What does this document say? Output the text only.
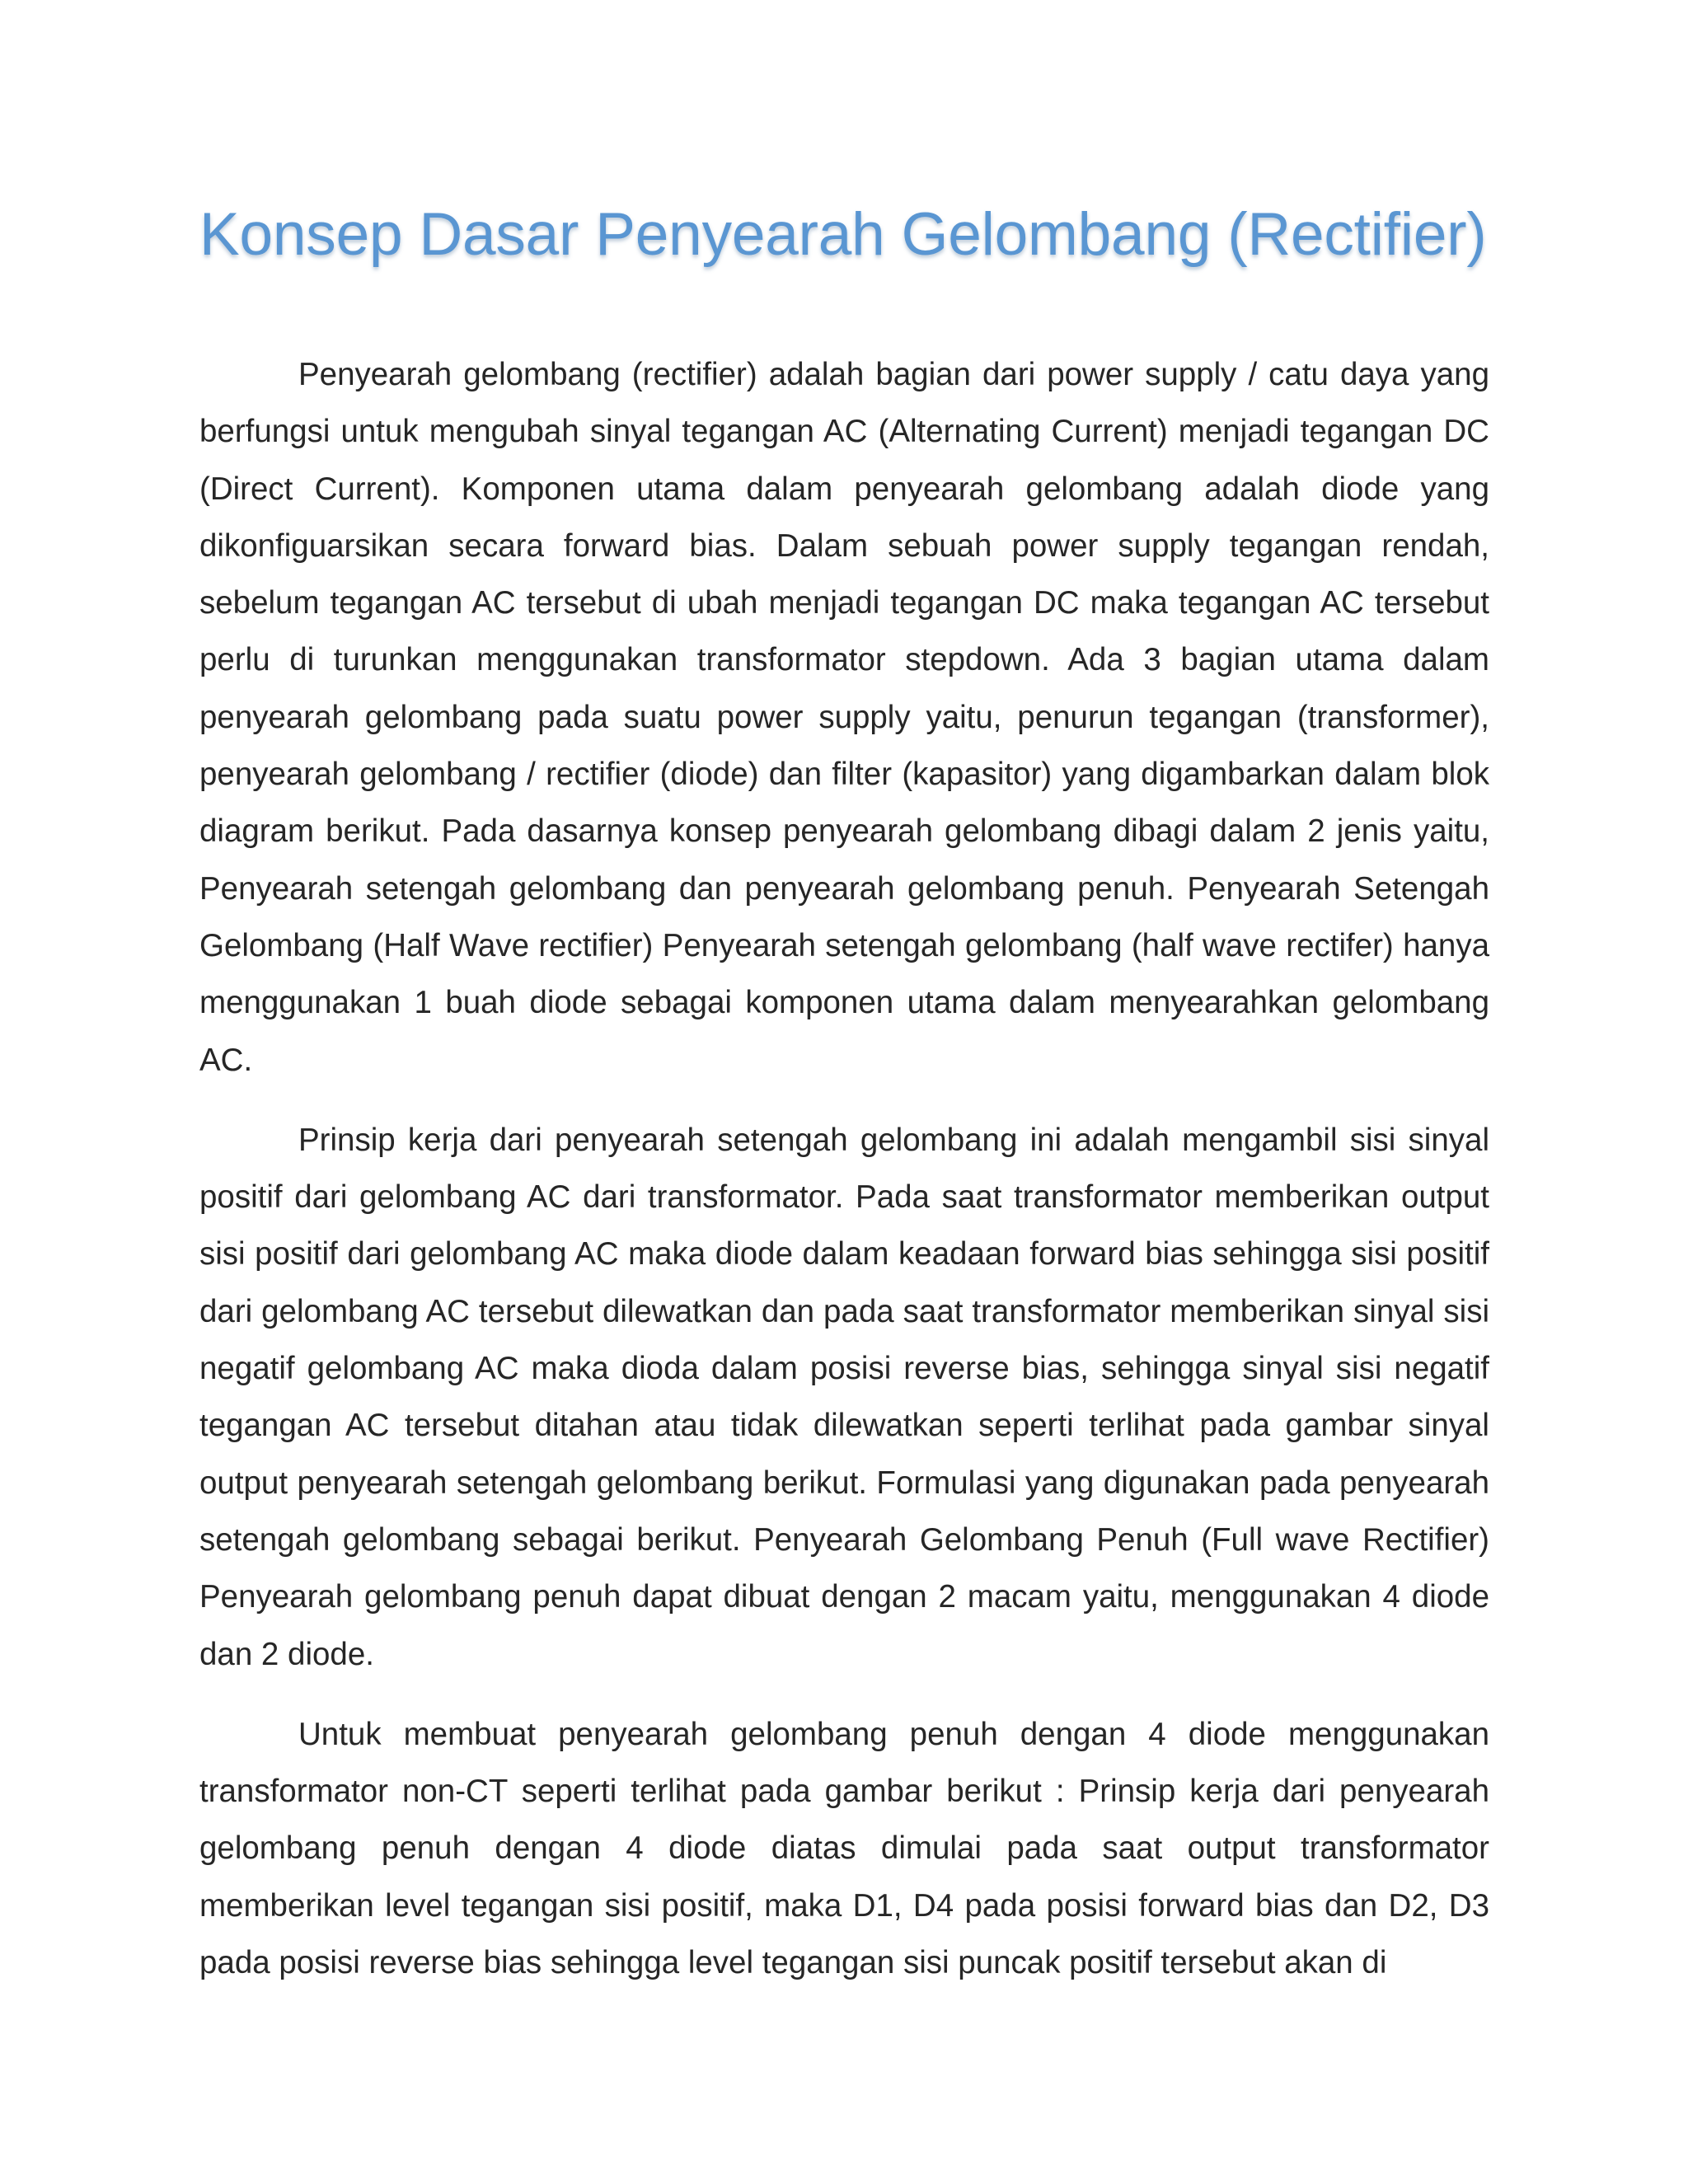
Konsep Dasar Penyearah Gelombang (Rectifier)

Penyearah gelombang (rectifier) adalah bagian dari power supply / catu daya yang berfungsi untuk mengubah sinyal tegangan AC (Alternating Current) menjadi tegangan DC (Direct Current). Komponen utama dalam penyearah gelombang adalah diode yang dikonfiguarsikan secara forward bias. Dalam sebuah power supply tegangan rendah, sebelum tegangan AC tersebut di ubah menjadi tegangan DC maka tegangan AC tersebut perlu di turunkan menggunakan transformator stepdown. Ada 3 bagian utama dalam penyearah gelombang pada suatu power supply yaitu, penurun tegangan (transformer), penyearah gelombang / rectifier (diode) dan filter (kapasitor) yang digambarkan dalam blok diagram berikut. Pada dasarnya konsep penyearah gelombang dibagi dalam 2 jenis yaitu, Penyearah setengah gelombang dan penyearah gelombang penuh. Penyearah Setengah Gelombang (Half Wave rectifier) Penyearah setengah gelombang (half wave rectifer) hanya menggunakan 1 buah diode sebagai komponen utama dalam menyearahkan gelombang AC.

Prinsip kerja dari penyearah setengah gelombang ini adalah mengambil sisi sinyal positif dari gelombang AC dari transformator. Pada saat transformator memberikan output sisi positif dari gelombang AC maka diode dalam keadaan forward bias sehingga sisi positif dari gelombang AC tersebut dilewatkan dan pada saat transformator memberikan sinyal sisi negatif gelombang AC maka dioda dalam posisi reverse bias, sehingga sinyal sisi negatif tegangan AC tersebut ditahan atau tidak dilewatkan seperti terlihat pada gambar sinyal output penyearah setengah gelombang berikut. Formulasi yang digunakan pada penyearah setengah gelombang sebagai berikut. Penyearah Gelombang Penuh (Full wave Rectifier) Penyearah gelombang penuh dapat dibuat dengan 2 macam yaitu, menggunakan 4 diode dan 2 diode.

Untuk membuat penyearah gelombang penuh dengan 4 diode menggunakan transformator non-CT seperti terlihat pada gambar berikut : Prinsip kerja dari penyearah gelombang penuh dengan 4 diode diatas dimulai pada saat output transformator memberikan level tegangan sisi positif, maka D1, D4 pada posisi forward bias dan D2, D3 pada posisi reverse bias sehingga level tegangan sisi puncak positif tersebut akan di
